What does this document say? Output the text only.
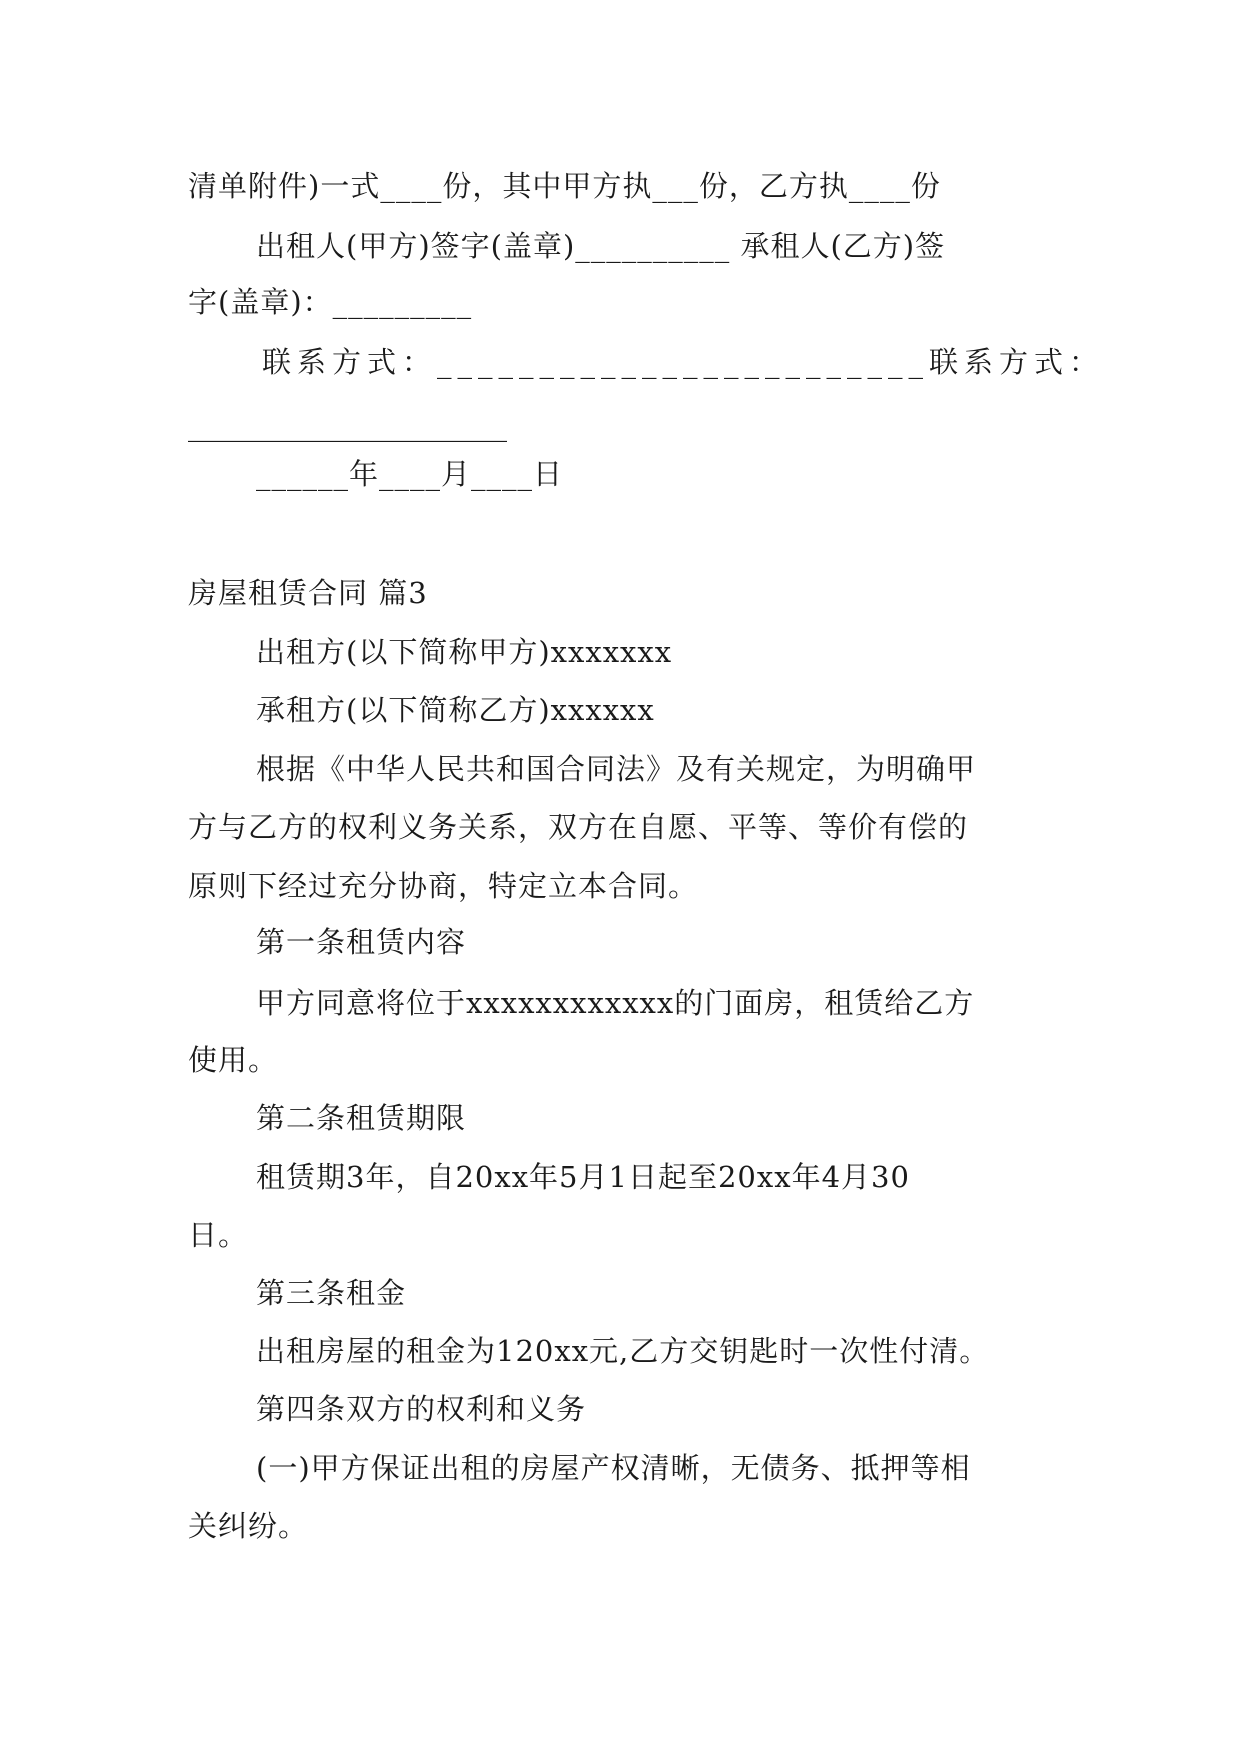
清单附件)一式____份，其中甲方执___份，乙方执____份
出租人(甲方)签字(盖章)__________ 承租人(乙方)签
字(盖章)：_________
联系方式：________________________联系方式：
______________________
______年____月____日
房屋租赁合同 篇3
出租方(以下简称甲方)xxxxxxx
承租方(以下简称乙方)xxxxxx
根据《中华人民共和国合同法》及有关规定，为明确甲
方与乙方的权利义务关系，双方在自愿、平等、等价有偿的
原则下经过充分协商，特定立本合同。
第一条租赁内容
甲方同意将位于xxxxxxxxxxxx的门面房，租赁给乙方
使用。
第二条租赁期限
租赁期3年，自20xx年5月1日起至20xx年4月30
日。
第三条租金
出租房屋的租金为120xx元,乙方交钥匙时一次性付清。
第四条双方的权利和义务
(一)甲方保证出租的房屋产权清晰，无债务、抵押等相
关纠纷。
